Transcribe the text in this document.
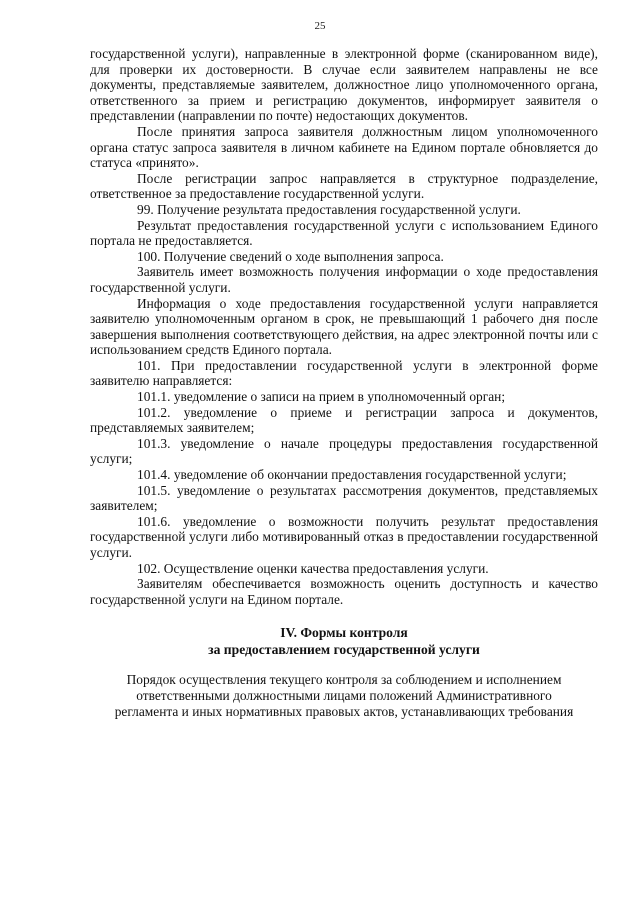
25

государственной услуги), направленные в электронной форме (сканированном виде), для проверки их достоверности. В случае если заявителем направлены не все документы, представляемые заявителем, должностное лицо уполномоченного органа, ответственного за прием и регистрацию документов, информирует заявителя о представлении (направлении по почте) недостающих документов.

После принятия запроса заявителя должностным лицом уполномоченного органа статус запроса заявителя в личном кабинете на Едином портале обновляется до статуса «принято».

После регистрации запрос направляется в структурное подразделение, ответственное за предоставление государственной услуги.

99. Получение результата предоставления государственной услуги.

Результат предоставления государственной услуги с использованием Единого портала не предоставляется.

100. Получение сведений о ходе выполнения запроса.

Заявитель имеет возможность получения информации о ходе предоставления государственной услуги.

Информация о ходе предоставления государственной услуги направляется заявителю уполномоченным органом в срок, не превышающий 1 рабочего дня после завершения выполнения соответствующего действия, на адрес электронной почты или с использованием средств Единого портала.

101. При предоставлении государственной услуги в электронной форме заявителю направляется:

101.1. уведомление о записи на прием в уполномоченный орган;

101.2. уведомление о приеме и регистрации запроса и документов, представляемых заявителем;

101.3. уведомление о начале процедуры предоставления государственной услуги;

101.4. уведомление об окончании предоставления государственной услуги;

101.5. уведомление о результатах рассмотрения документов, представляемых заявителем;

101.6. уведомление о возможности получить результат предоставления государственной услуги либо мотивированный отказ в предоставлении государственной услуги.

102. Осуществление оценки качества предоставления услуги.

Заявителям обеспечивается возможность оценить доступность и качество государственной услуги на Едином портале.

IV. Формы контроля
за предоставлением государственной услуги
Порядок осуществления текущего контроля за соблюдением и исполнением
ответственными должностными лицами положений Административного
регламента и иных нормативных правовых актов, устанавливающих требования
